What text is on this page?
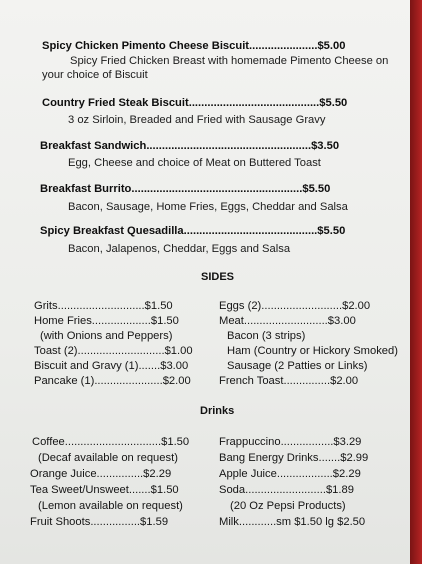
Spicy Chicken Pimento Cheese Biscuit......................$5.00
Spicy Fried Chicken Breast with homemade Pimento Cheese on
your choice of Biscuit
Country Fried Steak Biscuit..........................................$5.50
3 oz Sirloin, Breaded and Fried with Sausage Gravy
Breakfast Sandwich.....................................................$3.50
Egg, Cheese and choice of Meat on Buttered Toast
Breakfast Burrito.......................................................$5.50
Bacon, Sausage, Home Fries, Eggs, Cheddar and Salsa
Spicy Breakfast Quesadilla...........................................$5.50
Bacon, Jalapenos, Cheddar, Eggs and Salsa
SIDES
Grits............................$1.50
Home Fries...................$1.50
(with Onions and Peppers)
Toast (2)............................$1.00
Biscuit and Gravy (1).......$3.00
Pancake (1)......................$2.00
Eggs (2)..........................$2.00
Meat...........................$3.00
Bacon (3 strips)
Ham (Country or Hickory Smoked)
Sausage (2 Patties or Links)
French Toast...............$2.00
Drinks
Coffee...............................$1.50
(Decaf available on request)
Orange Juice...............$2.29
Tea Sweet/Unsweet.......$1.50
(Lemon available on request)
Fruit Shoots................$1.59
Frappuccino.................$3.29
Bang Energy Drinks.......$2.99
Apple Juice..................$2.29
Soda..........................$1.89
(20 Oz Pepsi Products)
Milk............sm $1.50 lg $2.50
